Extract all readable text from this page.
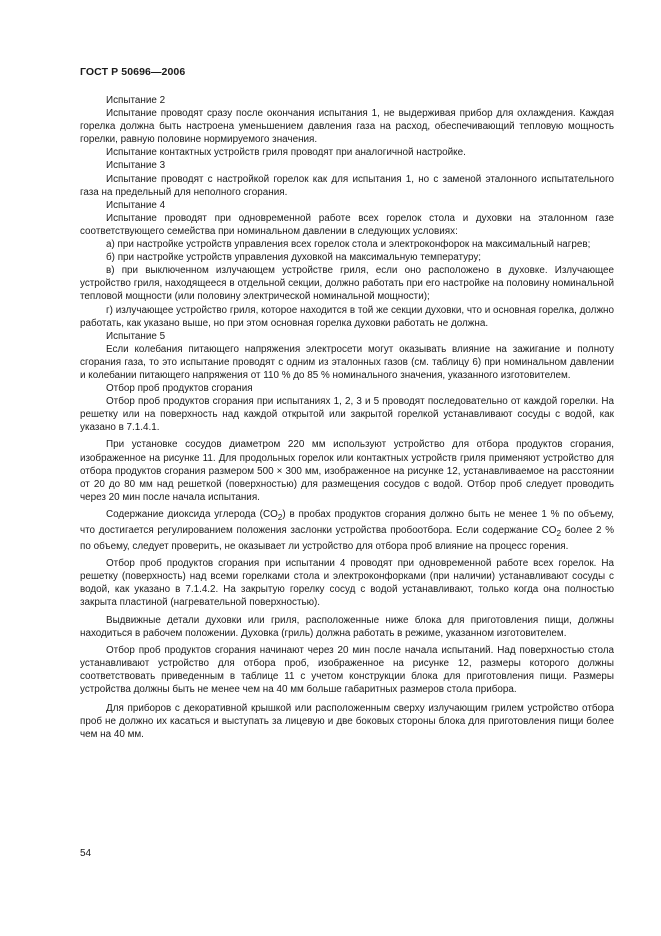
ГОСТ Р 50696—2006

Испытание 2

Испытание проводят сразу после окончания испытания 1, не выдерживая прибор для охлаждения. Каждая горелка должна быть настроена уменьшением давления газа на расход, обеспечивающий тепловую мощность горелки, равную половине нормируемого значения.

Испытание контактных устройств гриля проводят при аналогичной настройке.

Испытание 3

Испытание проводят с настройкой горелок как для испытания 1, но с заменой эталонного испытательного газа на предельный для неполного сгорания.

Испытание 4

Испытание проводят при одновременной работе всех горелок стола и духовки на эталонном газе соответствующего семейства при номинальном давлении в следующих условиях:

а) при настройке устройств управления всех горелок стола и электроконфорок на максимальный нагрев;

б) при настройке устройств управления духовкой на максимальную температуру;

в) при выключенном излучающем устройстве гриля, если оно расположено в духовке. Излучающее устройство гриля, находящееся в отдельной секции, должно работать при его настройке на половину номинальной тепловой мощности (или половину электрической номинальной мощности);

г) излучающее устройство гриля, которое находится в той же секции духовки, что и основная горелка, должно работать, как указано выше, но при этом основная горелка духовки работать не должна.

Испытание 5

Если колебания питающего напряжения электросети могут оказывать влияние на зажигание и полноту сгорания газа, то это испытание проводят с одним из эталонных газов (см. таблицу 6) при номинальном давлении и колебании питающего напряжения от 110 % до 85 % номинального значения, указанного изготовителем.

Отбор проб продуктов сгорания

Отбор проб продуктов сгорания при испытаниях 1, 2, 3 и 5 проводят последовательно от каждой горелки. На решетку или на поверхность над каждой открытой или закрытой горелкой устанавливают сосуды с водой, как указано в 7.1.4.1.

При установке сосудов диаметром 220 мм используют устройство для отбора продуктов сгорания, изображенное на рисунке 11. Для продольных горелок или контактных устройств гриля применяют устройство для отбора продуктов сгорания размером 500 × 300 мм, изображенное на рисунке 12, устанавливаемое на расстоянии от 20 до 80 мм над решеткой (поверхностью) для размещения сосудов с водой. Отбор проб следует проводить через 20 мин после начала испытания.

Содержание диоксида углерода $(CO_2)$ в пробах продуктов сгорания должно быть не менее 1 % по объему, что достигается регулированием положения заслонки устройства пробоотбора. Если содержание $CO_2$ более 2 % по объему, следует проверить, не оказывает ли устройство для отбора проб влияние на процесс горения.

Отбор проб продуктов сгорания при испытании 4 проводят при одновременной работе всех горелок. На решетку (поверхность) над всеми горелками стола и электроконфорками (при наличии) устанавливают сосуды с водой, как указано в 7.1.4.2. На закрытую горелку сосуд с водой устанавливают, только когда она полностью закрыта пластиной (нагревательной поверхностью).

Выдвижные детали духовки или гриля, расположенные ниже блока для приготовления пищи, должны находиться в рабочем положении. Духовка (гриль) должна работать в режиме, указанном изготовителем.

Отбор проб продуктов сгорания начинают через 20 мин после начала испытаний. Над поверхностью стола устанавливают устройство для отбора проб, изображенное на рисунке 12, размеры которого должны соответствовать приведенным в таблице 11 с учетом конструкции блока для приготовления пищи. Размеры устройства должны быть не менее чем на 40 мм больше габаритных размеров стола прибора.

Для приборов с декоративной крышкой или расположенным сверху излучающим грилем устройство отбора проб не должно их касаться и выступать за лицевую и две боковых стороны блока для приготовления пищи более чем на 40 мм.

54
